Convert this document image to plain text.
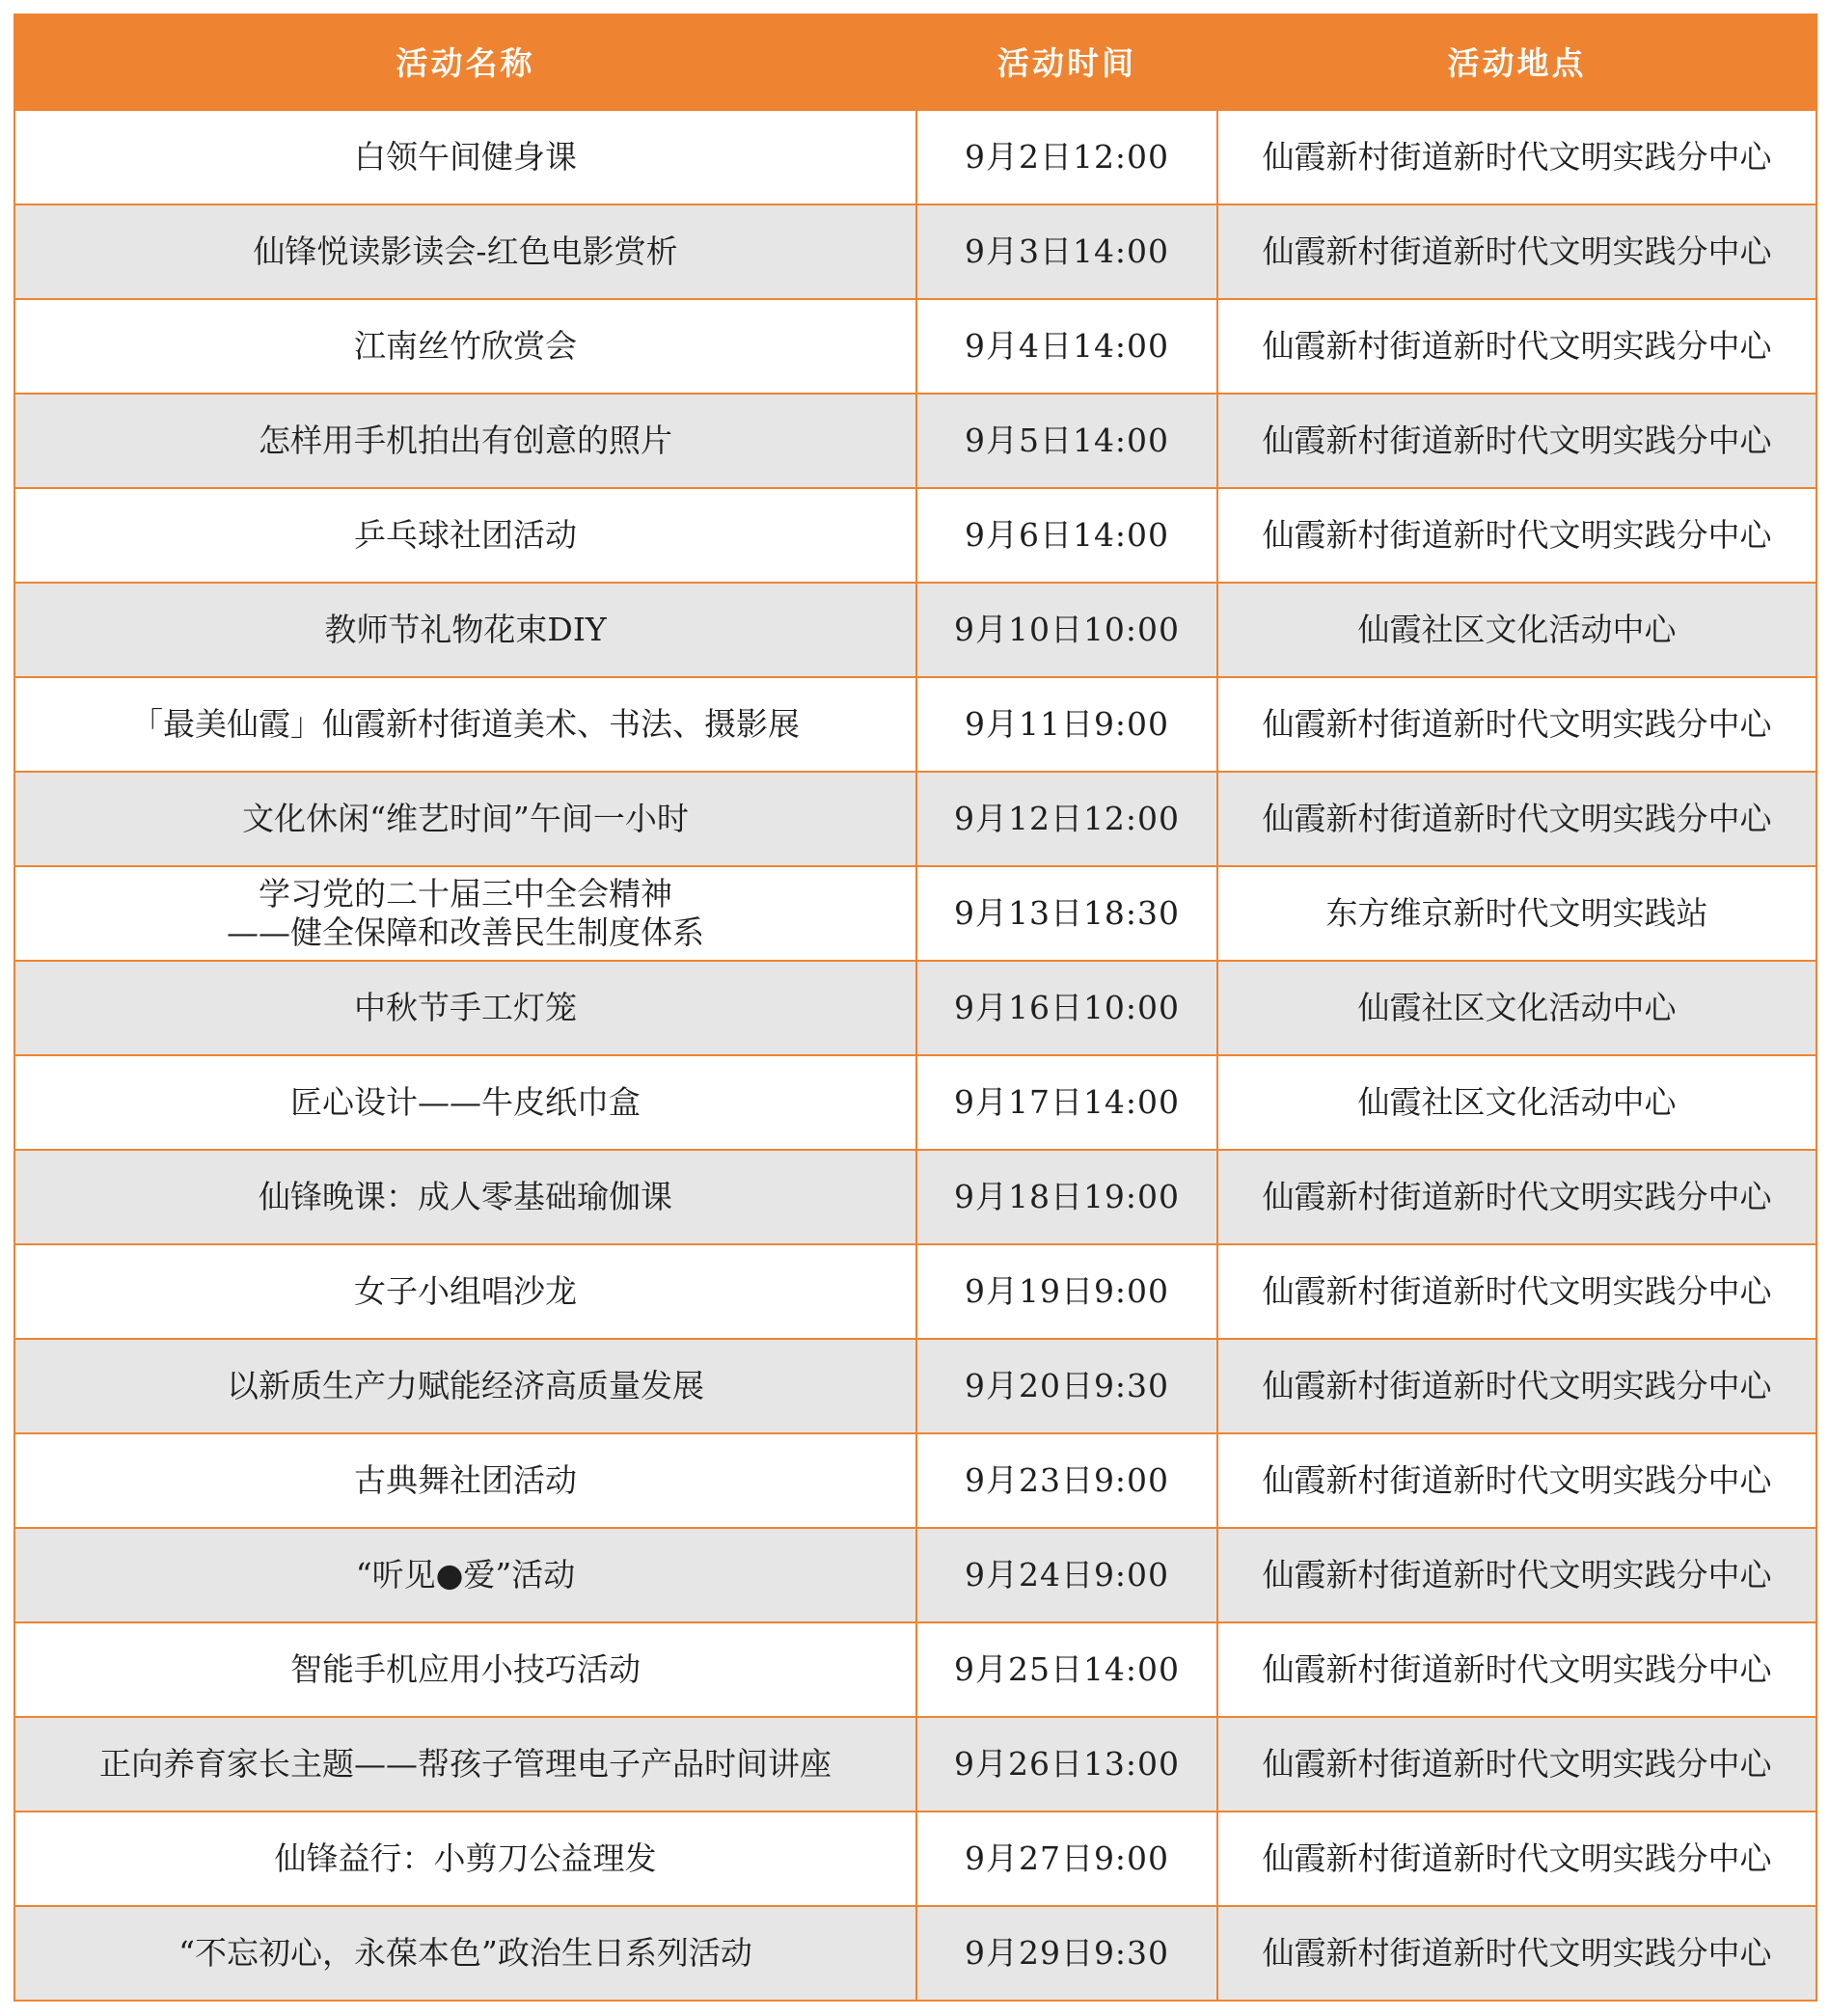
活动名称	活动时间	活动地点

白领午间健身课	9月2日12:00	仙霞新村街道新时代文明实践分中心

仙锋悦读影读会-红色电影赏析	9月3日14:00	仙霞新村街道新时代文明实践分中心

江南丝竹欣赏会	9月4日14:00	仙霞新村街道新时代文明实践分中心

怎样用手机拍出有创意的照片	9月5日14:00	仙霞新村街道新时代文明实践分中心

乒乓球社团活动	9月6日14:00	仙霞新村街道新时代文明实践分中心

教师节礼物花束DIY	9月10日10:00	仙霞社区文化活动中心

「最美仙霞」仙霞新村街道美术、书法、摄影展	9月11日9:00	仙霞新村街道新时代文明实践分中心

文化休闲“维艺时间”午间一小时	9月12日12:00	仙霞新村街道新时代文明实践分中心

学习党的二十届三中全会精神
——健全保障和改善民生制度体系	9月13日18:30	东方维京新时代文明实践站

中秋节手工灯笼	9月16日10:00	仙霞社区文化活动中心

匠心设计——牛皮纸巾盒	9月17日14:00	仙霞社区文化活动中心

仙锋晚课：成人零基础瑜伽课	9月18日19:00	仙霞新村街道新时代文明实践分中心

女子小组唱沙龙	9月19日9:00	仙霞新村街道新时代文明实践分中心

以新质生产力赋能经济高质量发展	9月20日9:30	仙霞新村街道新时代文明实践分中心

古典舞社团活动	9月23日9:00	仙霞新村街道新时代文明实践分中心

“听见●爱”活动	9月24日9:00	仙霞新村街道新时代文明实践分中心

智能手机应用小技巧活动	9月25日14:00	仙霞新村街道新时代文明实践分中心

正向养育家长主题——帮孩子管理电子产品时间讲座	9月26日13:00	仙霞新村街道新时代文明实践分中心

仙锋益行：小剪刀公益理发	9月27日9:00	仙霞新村街道新时代文明实践分中心

“不忘初心，永葆本色”政治生日系列活动	9月29日9:30	仙霞新村街道新时代文明实践分中心
